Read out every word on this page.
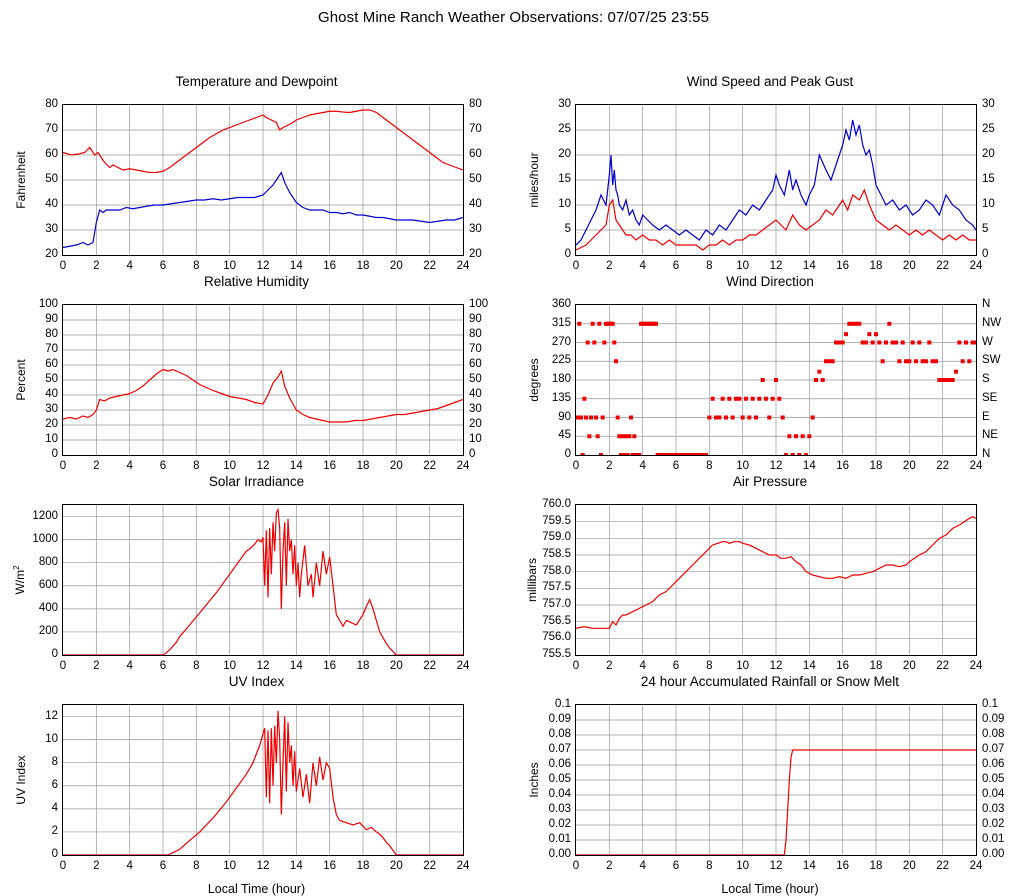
Ghost Mine Ranch Weather Observations: 07/07/25 23:55
Temperature and Dewpoint
20
30
40
50
60
70
80
20
30
40
50
60
70
80
0	2	4	6	8	10	12	14	16	18	20	22	24
Fahrenheit
Wind Speed and Peak Gust
0
5
10
15
20
25
30
0
5
10
15
20
25
30
0	2	4	6	8	10	12	14	16	18	20	22	24
miles/hour
Relative Humidity
0
10
20
30
40
50
60
70
80
90
100
0
10
20
30
40
50
60
70
80
90
100
0	2	4	6	8	10	12	14	16	18	20	22	24
Percent
Wind Direction
0
45
90
135
180
225
270
315
360
N
NE
E
SE
S
SW
W
NW
N
0	2	4	6	8	10	12	14	16	18	20	22	24
degrees
Solar Irradiance
0
200
400
600
800
1000
1200
0	2	4	6	8	10	12	14	16	18	20	22	24
$W/m^2$
Air Pressure
755.5
756.0
756.5
757.0
757.5
758.0
758.5
759.0
759.5
760.0
0	2	4	6	8	10	12	14	16	18	20	22	24
millibars
UV Index
0
2
4
6
8
10
12
0	2	4	6	8	10	12	14	16	18	20	22	24
UV Index
Local Time (hour)
24 hour Accumulated Rainfall or Snow Melt
0.00
0.01
0.02
0.03
0.04
0.05
0.06
0.07
0.08
0.09
0.1
0.00
0.01
0.02
0.03
0.04
0.05
0.06
0.07
0.08
0.09
0.1
0	2	4	6	8	10	12	14	16	18	20	22	24
Inches
Local Time (hour)
